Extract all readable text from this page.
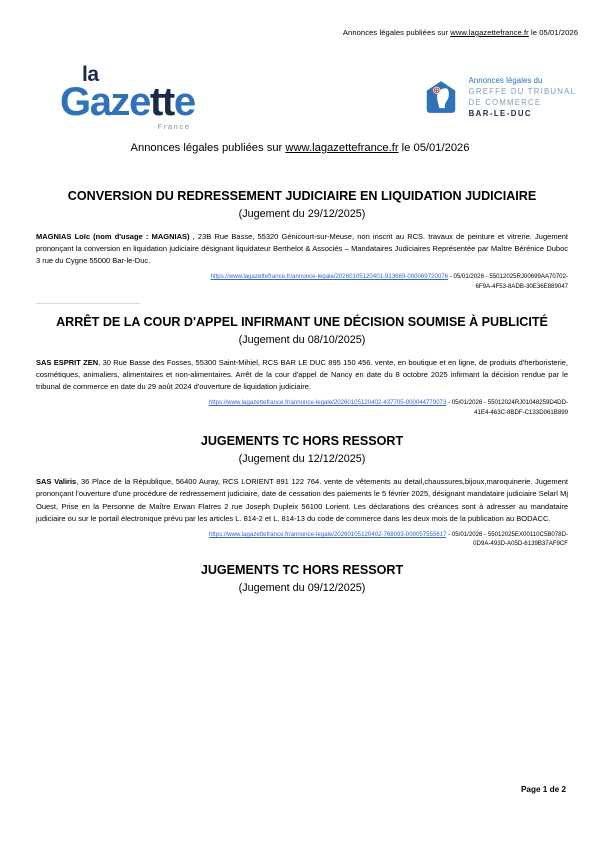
Annonces légales publiées sur www.lagazettefrance.fr le 05/01/2026
la
Gazette
France
Annonces légales du
GREFFE DU TRIBUNAL
DE COMMERCE
BAR-LE-DUC
Annonces légales publiées sur www.lagazettefrance.fr le 05/01/2026
CONVERSION DU REDRESSEMENT JUDICIAIRE EN LIQUIDATION JUDICIAIRE
(Jugement du 29/12/2025)
MAGNIAS Loïc (nom d'usage : MAGNIAS) , 23B Rue Basse, 55320 Génicourt-sur-Meuse, non inscrit au RCS. travaux de peinture et vitrerie. Jugement prononçant la conversion en liquidation judiciaire désignant liquidateur Berthelot & Associés – Mandataires Judiciaires Représentée par Maître Bérénice Duboc 3 rue du Cygne 55000 Bar-le-Duc.
https://www.lagazettefrance.fr/annonce-legale/20260105120401-913689-000069720076 - 05/01/2026 - 55012025RJ00699AA70702-
6F9A-4F53-8ADB-30E36E889047
ARRÊT DE LA COUR D'APPEL INFIRMANT UNE DÉCISION SOUMISE À PUBLICITÉ
(Jugement du 08/10/2025)
SAS ESPRIT ZEN, 30 Rue Basse des Fosses, 55300 Saint-Mihiel, RCS BAR LE DUC 895 150 456. vente, en boutique et en ligne, de produits d'herboristerie, cosmétiques, animaliers, alimentaires et non-alimentaires. Arrêt de la cour d'appel de Nancy en date du 8 octobre 2025 infirmant la décision rendue par le tribunal de commerce en date du 29 août 2024 d'ouverture de liquidation judiciaire.
https://www.lagazettefrance.fr/annonce-legale/20260105120402-437705-000044779073 - 05/01/2026 - 55012024RJ01048259D4DD-
41E4-463C-8BDF-C133D061B899
JUGEMENTS TC HORS RESSORT
(Jugement du 12/12/2025)
SAS Valiris, 36 Place de la République, 56400 Auray, RCS LORIENT 891 122 764. vente de vêtements au detail,chaussures,bijoux,maroquinerie. Jugement prononçant l'ouverture d'une procédure de redressement judiciaire, date de cessation des paiements le 5 février 2025, désignant mandataire judiciaire Selarl Mj Ouest, Prise en la Personne de Maître Erwan Flatres 2 rue Joseph Dupleix 56100 Lorient. Les déclarations des créances sont à adresser au mandataire judiciaire ou sur le portail électronique prévu par les articles L. 814-2 et L. 814-13 du code de commerce dans les deux mois de la publication au BODACC.
https://www.lagazettefrance.fr/annonce-legale/20260105120402-768093-000057555617 - 05/01/2026 - 55012025EX00110C5B078D-
0D9A-493D-A05D-6139B37AF9CF
JUGEMENTS TC HORS RESSORT
(Jugement du 09/12/2025)
Page 1 de 2
